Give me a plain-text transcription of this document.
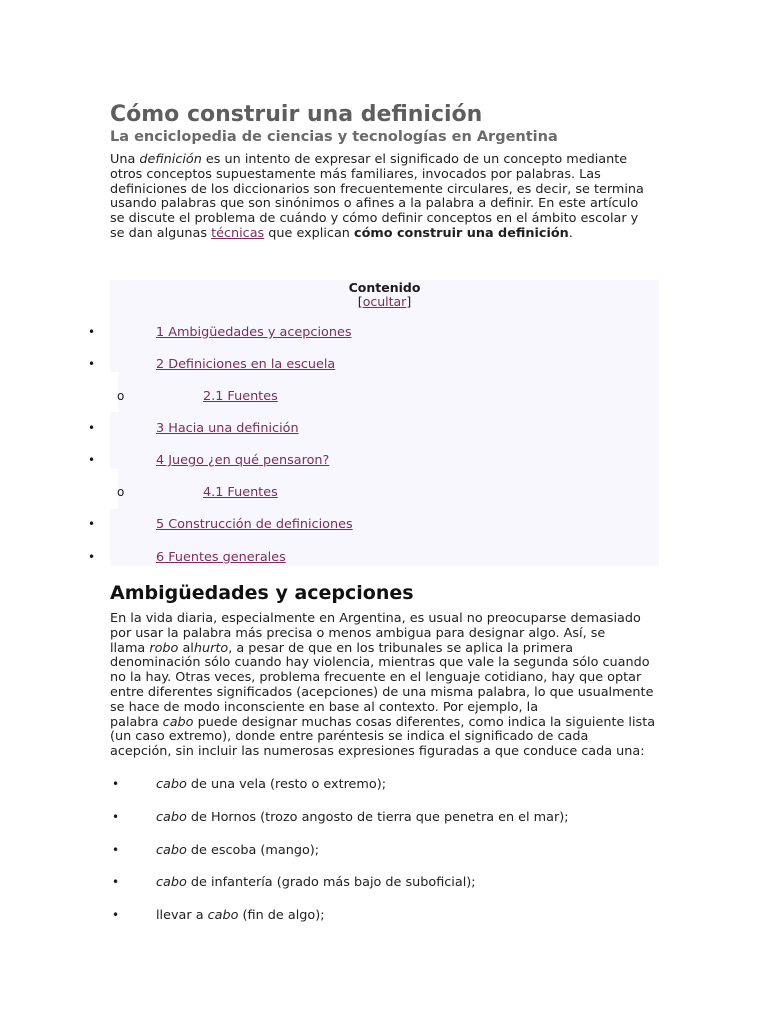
Cómo construir una definición
La enciclopedia de ciencias y tecnologías en Argentina

Una definición es un intento de expresar el significado de un concepto mediante
otros conceptos supuestamente más familiares, invocados por palabras. Las
definiciones de los diccionarios son frecuentemente circulares, es decir, se termina
usando palabras que son sinónimos o afines a la palabra a definir. En este artículo
se discute el problema de cuándo y cómo definir conceptos en el ámbito escolar y
se dan algunas técnicas que explican cómo construir una definición.

Contenido
[ocultar]
•	1 Ambigüedades y acepciones
•	2 Definiciones en la escuela
o	2.1 Fuentes
•	3 Hacia una definición
•	4 Juego ¿en qué pensaron?
o	4.1 Fuentes
•	5 Construcción de definiciones
•	6 Fuentes generales
Ambigüedades y acepciones

En la vida diaria, especialmente en Argentina, es usual no preocuparse demasiado
por usar la palabra más precisa o menos ambigua para designar algo. Así, se
llama robo alhurto, a pesar de que en los tribunales se aplica la primera
denominación sólo cuando hay violencia, mientras que vale la segunda sólo cuando
no la hay. Otras veces, problema frecuente en el lenguaje cotidiano, hay que optar
entre diferentes significados (acepciones) de una misma palabra, lo que usualmente
se hace de modo inconsciente en base al contexto. Por ejemplo, la
palabra cabo puede designar muchas cosas diferentes, como indica la siguiente lista
(un caso extremo), donde entre paréntesis se indica el significado de cada
acepción, sin incluir las numerosas expresiones figuradas a que conduce cada una:

•	cabo de una vela (resto o extremo);
•	cabo de Hornos (trozo angosto de tierra que penetra en el mar);
•	cabo de escoba (mango);
•	cabo de infantería (grado más bajo de suboficial);
•	llevar a cabo (fin de algo);
